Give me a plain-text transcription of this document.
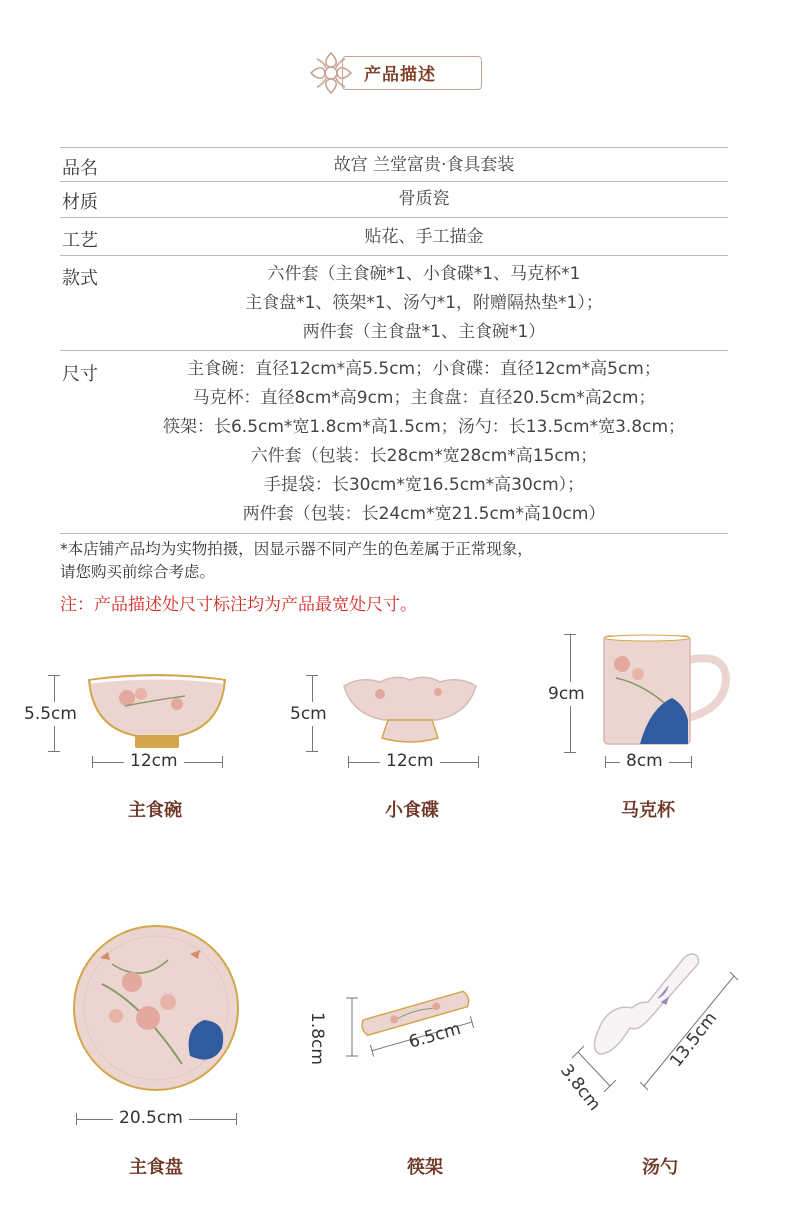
产品描述
品名	故宫 兰堂富贵·食具套装
材质	骨质瓷
工艺	贴花、手工描金
款式	六件套（主食碗*1、小食碟*1、马克杯*1
主食盘*1、筷架*1、汤勺*1，附赠隔热垫*1）；
两件套（主食盘*1、主食碗*1）
尺寸	主食碗：直径12cm*高5.5cm；小食碟：直径12cm*高5cm；
马克杯：直径8cm*高9cm；主食盘：直径20.5cm*高2cm；
筷架：长6.5cm*宽1.8cm*高1.5cm；汤勺：长13.5cm*宽3.8cm；
六件套（包装：长28cm*宽28cm*高15cm；
手提袋：长30cm*宽16.5cm*高30cm）；
两件套（包装：长24cm*宽21.5cm*高10cm）
*本店铺产品均为实物拍摄，因显示器不同产生的色差属于正常现象，
请您购买前综合考虑。
注：产品描述处尺寸标注均为产品最宽处尺寸。
5.5cm
12cm
主食碗
5cm
12cm
小食碟
9cm
8cm
马克杯
20.5cm
主食盘
6.5cm
1.8cm
筷架
13.5cm
3.8cm
汤勺
